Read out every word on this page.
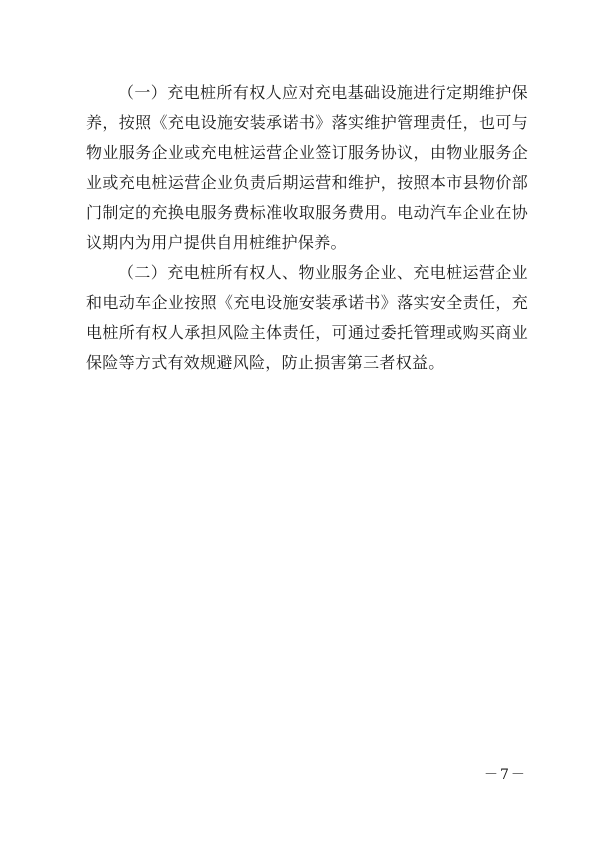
（一）充电桩所有权人应对充电基础设施进行定期维护保养，按照《充电设施安装承诺书》落实维护管理责任，也可与物业服务企业或充电桩运营企业签订服务协议，由物业服务企业或充电桩运营企业负责后期运营和维护，按照本市县物价部门制定的充换电服务费标准收取服务费用。电动汽车企业在协议期内为用户提供自用桩维护保养。

（二）充电桩所有权人、物业服务企业、充电桩运营企业和电动车企业按照《充电设施安装承诺书》落实安全责任，充电桩所有权人承担风险主体责任，可通过委托管理或购买商业保险等方式有效规避风险，防止损害第三者权益。

－7－
